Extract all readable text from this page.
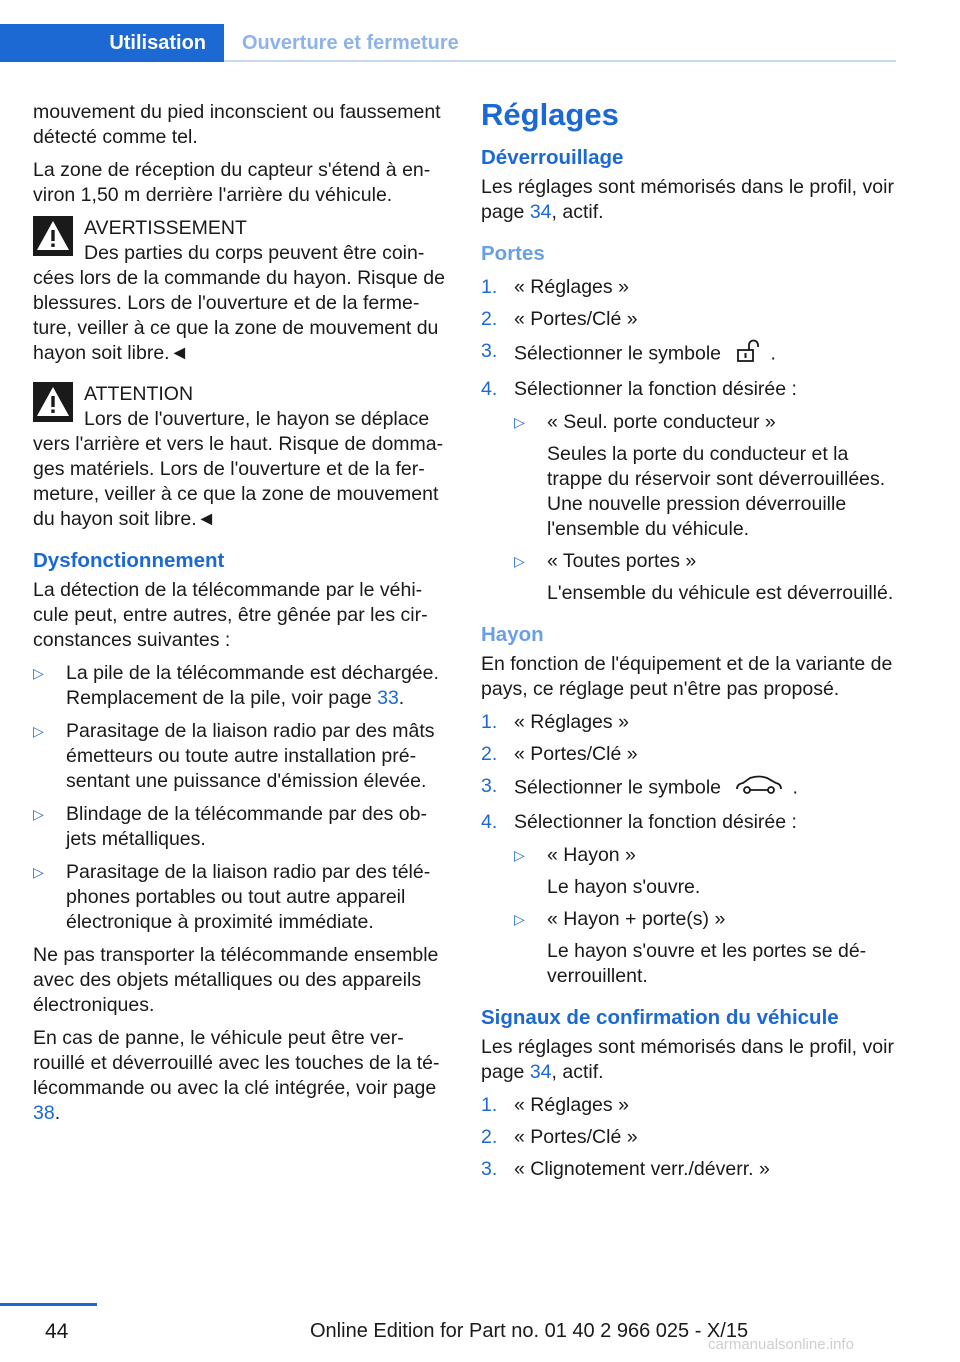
Utilisation	Ouverture et fermeture

mouvement du pied inconscient ou faussement détecté comme tel.

La zone de réception du capteur s'étend à environ 1,50 m derrière l'arrière du véhicule.

AVERTISSEMENT
Des parties du corps peuvent être coincées lors de la commande du hayon. Risque de blessures. Lors de l'ouverture et de la fermeture, veiller à ce que la zone de mouvement du hayon soit libre.◄
ATTENTION
Lors de l'ouverture, le hayon se déplace vers l'arrière et vers le haut. Risque de dommages matériels. Lors de l'ouverture et de la fermeture, veiller à ce que la zone de mouvement du hayon soit libre.◄
Dysfonctionnement

La détection de la télécommande par le véhicule peut, entre autres, être gênée par les circonstances suivantes :

▷ La pile de la télécommande est déchargée. Remplacement de la pile, voir page 33.
▷ Parasitage de la liaison radio par des mâts émetteurs ou toute autre installation présentant une puissance d'émission élevée.
▷ Blindage de la télécommande par des objets métalliques.
▷ Parasitage de la liaison radio par des téléphones portables ou tout autre appareil électronique à proximité immédiate.

Ne pas transporter la télécommande ensemble avec des objets métalliques ou des appareils électroniques.

En cas de panne, le véhicule peut être verrouillé et déverrouillé avec les touches de la télécommande ou avec la clé intégrée, voir page 38.

Réglages
Déverrouillage

Les réglages sont mémorisés dans le profil, voir page 34, actif.

Portes
1. « Réglages »
2. « Portes/Clé »
3. Sélectionner le symbole	.
4. Sélectionner la fonction désirée :
▷ « Seul. porte conducteur »
Seules la porte du conducteur et la trappe du réservoir sont déverrouillées. Une nouvelle pression déverrouille l'ensemble du véhicule.
▷ « Toutes portes »
L'ensemble du véhicule est déverrouillé.
Hayon

En fonction de l'équipement et de la variante de pays, ce réglage peut n'être pas proposé.

1. « Réglages »
2. « Portes/Clé »
3. Sélectionner le symbole	.
4. Sélectionner la fonction désirée :
▷ « Hayon »
Le hayon s'ouvre.
▷ « Hayon + porte(s) »
Le hayon s'ouvre et les portes se déverrouillent.
Signaux de confirmation du véhicule

Les réglages sont mémorisés dans le profil, voir page 34, actif.

1. « Réglages »
2. « Portes/Clé »
3. « Clignotement verr./déverr. »
44	Online Edition for Part no. 01 40 2 966 025 - X/15
carmanualsonline.info
